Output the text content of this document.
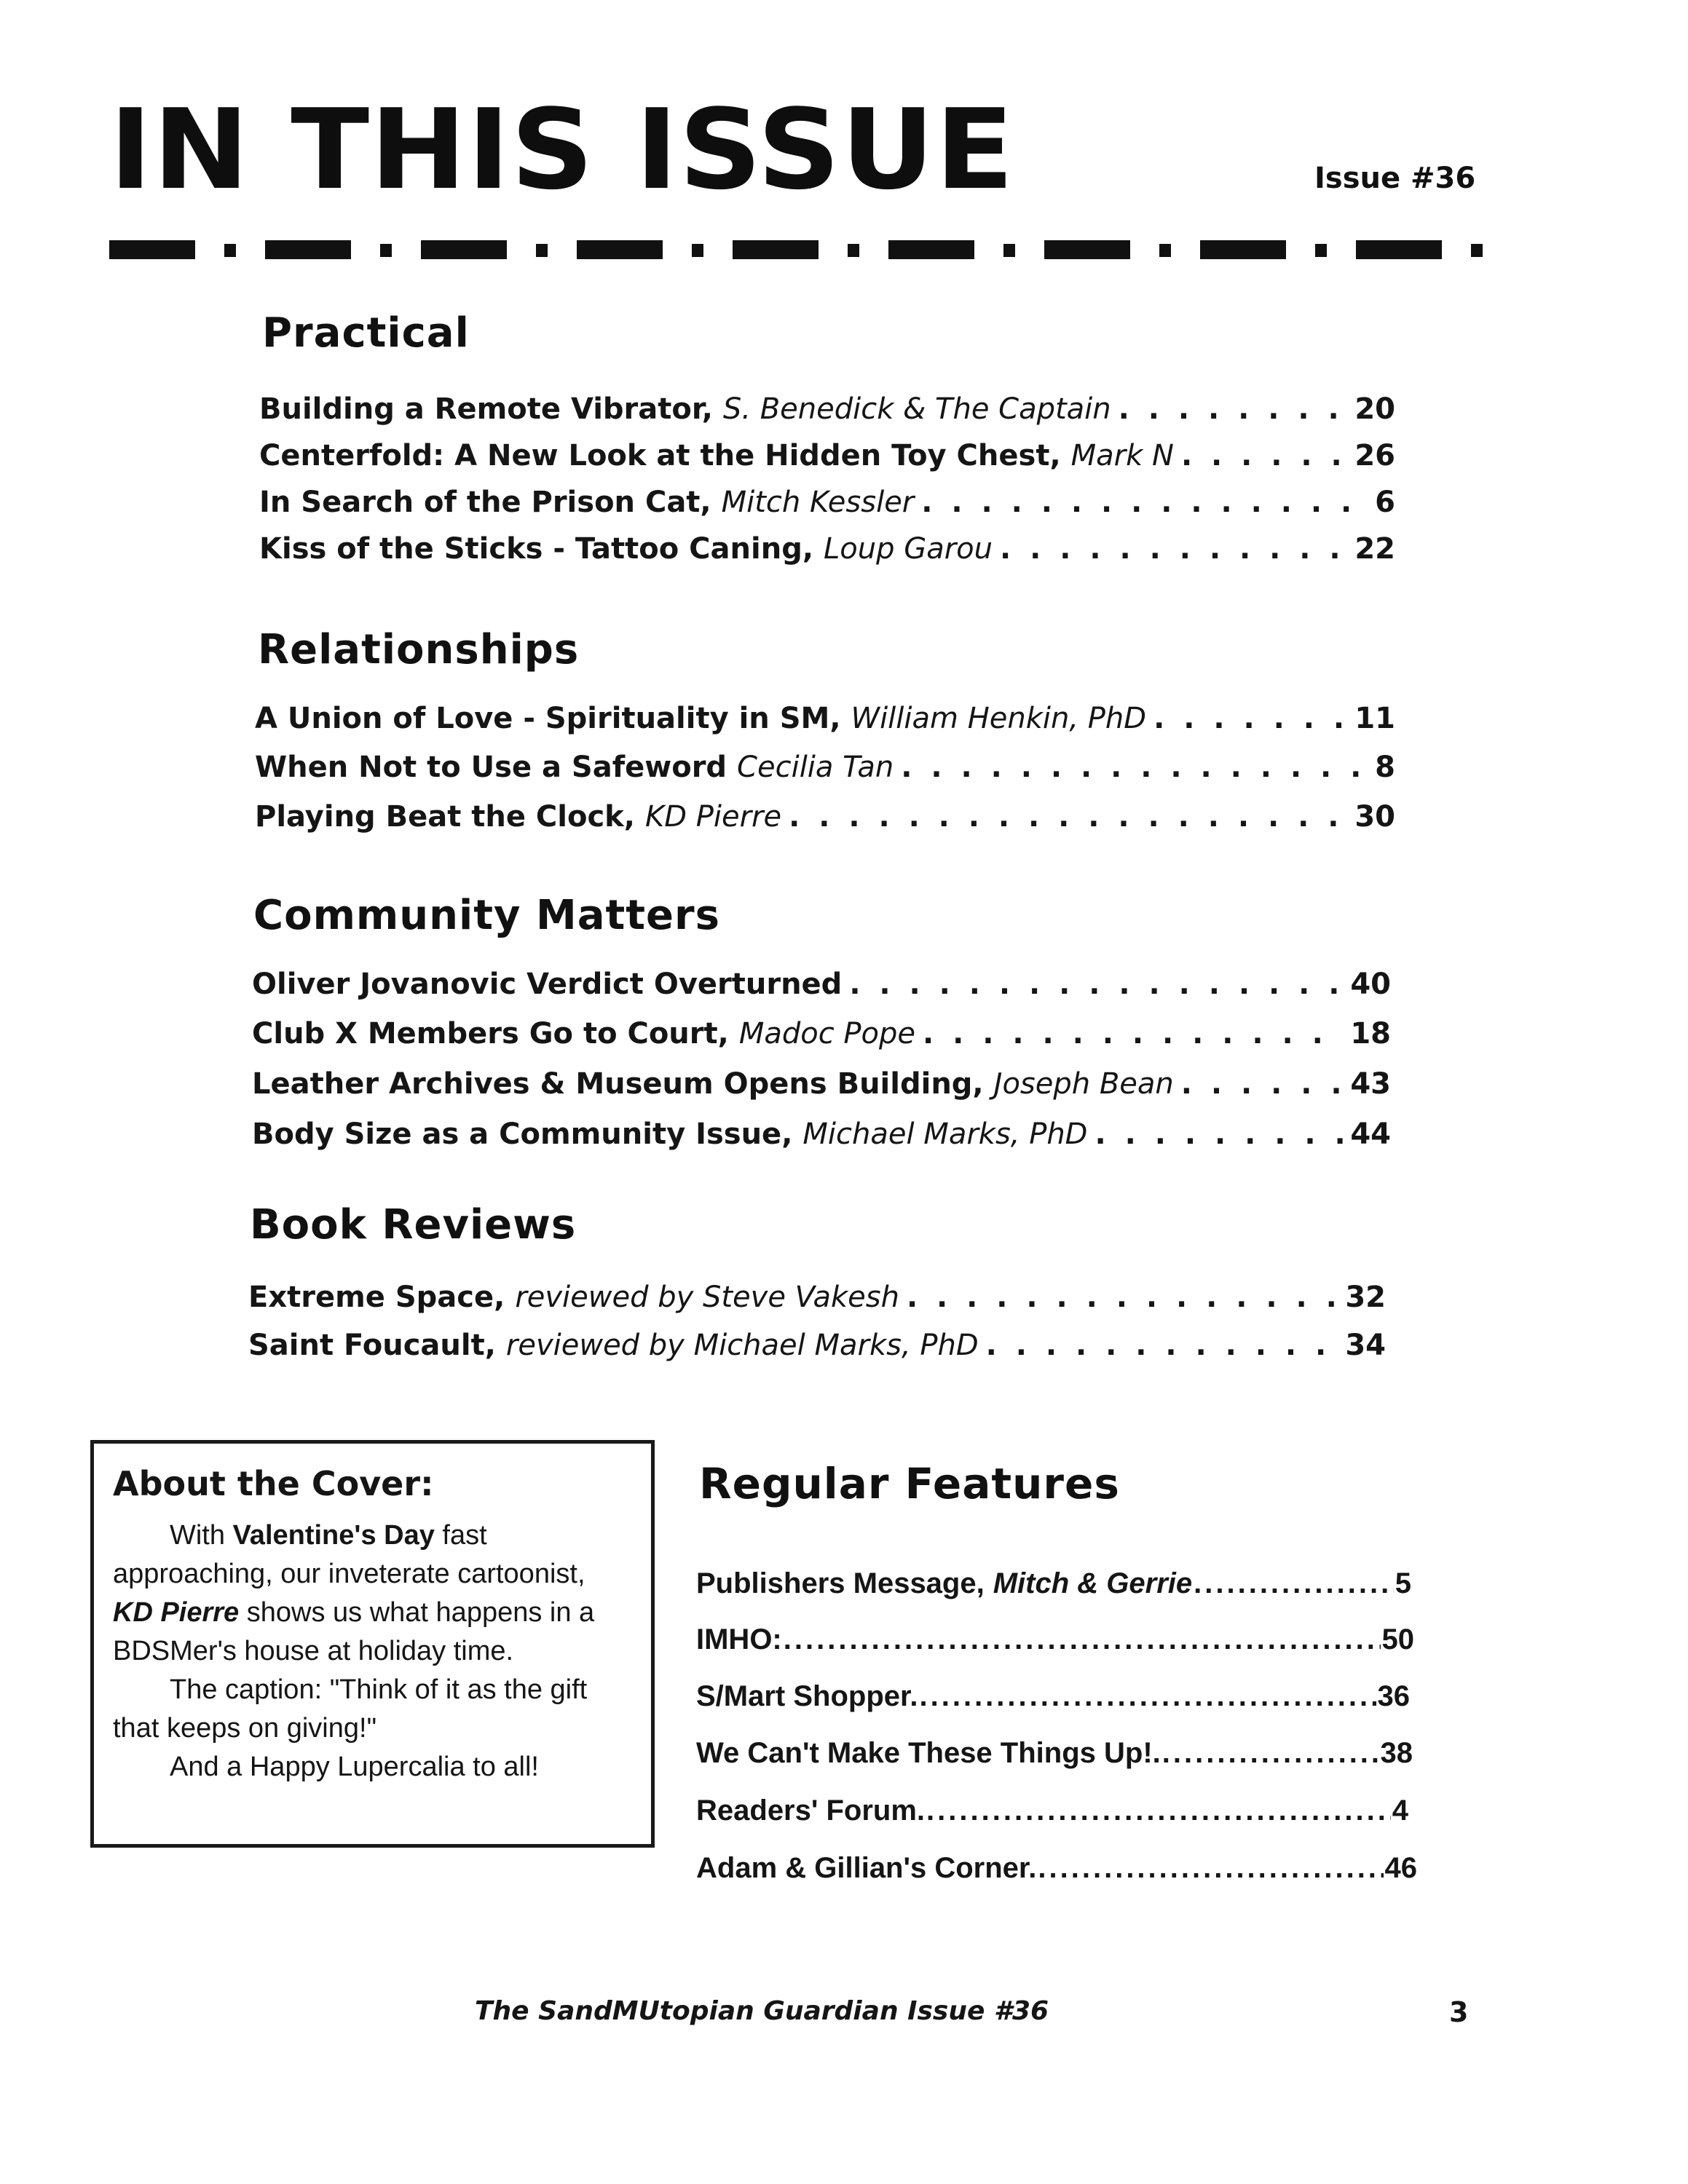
IN THIS ISSUE	Issue #36
Practical
Building a Remote Vibrator, S. Benedick & The Captain . . .	20
Centerfold: A New Look at the Hidden Toy Chest, Mark N . . .	26
In Search of the Prison Cat, Mitch Kessler . . .	6
Kiss of the Sticks - Tattoo Caning, Loup Garou . . .	22
Relationships
A Union of Love - Spirituality in SM, William Henkin, PhD . . .	11
When Not to Use a Safeword Cecilia Tan . . .	8
Playing Beat the Clock, KD Pierre . . .	30
Community Matters
Oliver Jovanovic Verdict Overturned . . .	40
Club X Members Go to Court, Madoc Pope . . .	18
Leather Archives & Museum Opens Building, Joseph Bean . . .	43
Body Size as a Community Issue, Michael Marks, PhD . . .	44
Book Reviews
Extreme Space, reviewed by Steve Vakesh . . .	32
Saint Foucault, reviewed by Michael Marks, PhD . . .	34
About the Cover:

With Valentine's Day fast approaching, our inveterate cartoonist, KD Pierre shows us what happens in a BDSMer's house at holiday time.

The caption: "Think of it as the gift that keeps on giving!"

And a Happy Lupercalia to all!

Regular Features
Publishers Message, Mitch & Gerrie .....	5
IMHO: .....	50
S/Mart Shopper. .....	36
We Can't Make These Things Up!. .....	38
Readers' Forum. .....	4
Adam & Gillian's Corner. .....	46
The SandMUtopian Guardian Issue #36	3
